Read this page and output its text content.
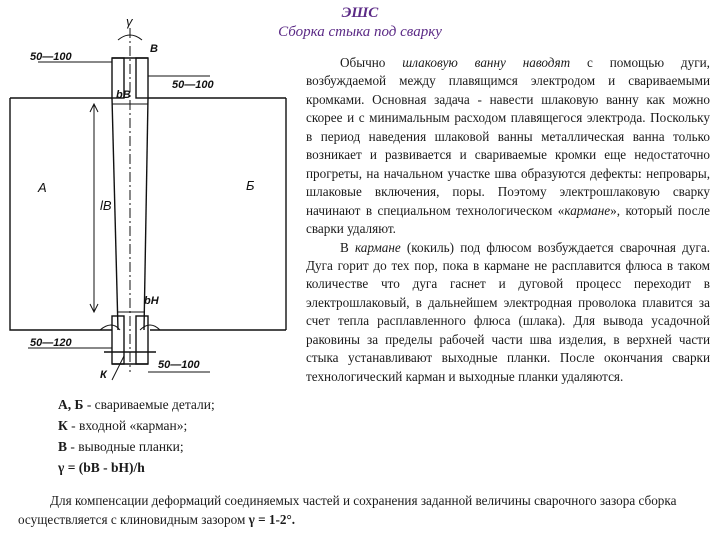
ЭШС
Сборка стыка под сварку
γ
B
50—100
50—100
bВ
lВ
А	Б
bН
50—120
50—100
К

Обычно шлаковую ванну наводят с помощью дуги, возбуждаемой между плавящимся электродом и свариваемыми кромками. Основная задача - навести шлаковую ванну как можно скорее и с минимальным расходом плавящегося электрода. Поскольку в период наведения шлаковой ванны металлическая ванна только возникает и развивается и свариваемые кромки еще недостаточно прогреты, на начальном участке шва образуются дефекты: непровары, шлаковые включения, поры. Поэтому электрошлаковую сварку начинают в специальном технологическом «кармане», который после сварки удаляют.

В кармане (кокиль) под флюсом возбуждается сварочная дуга. Дуга горит до тех пор, пока в кармане не расплавится флюса в таком количестве что дуга гаснет и дуговой процесс переходит в электрошлаковый, в дальнейшем электродная проволока плавится за счет тепла расплавленного флюса (шлака). Для вывода усадочной раковины за пределы рабочей части шва изделия, в верхней части стыка устанавливают выходные планки. После окончания сварки технологический карман и выходные планки удаляются.

А, Б - свариваемые детали;
К - входной «карман»;
В - выводные планки;
γ = (bВ - bН)/h
Для компенсации деформаций соединяемых частей и сохранения заданной величины сварочного зазора сборка осуществляется с клиновидным зазором γ = 1-2°.
